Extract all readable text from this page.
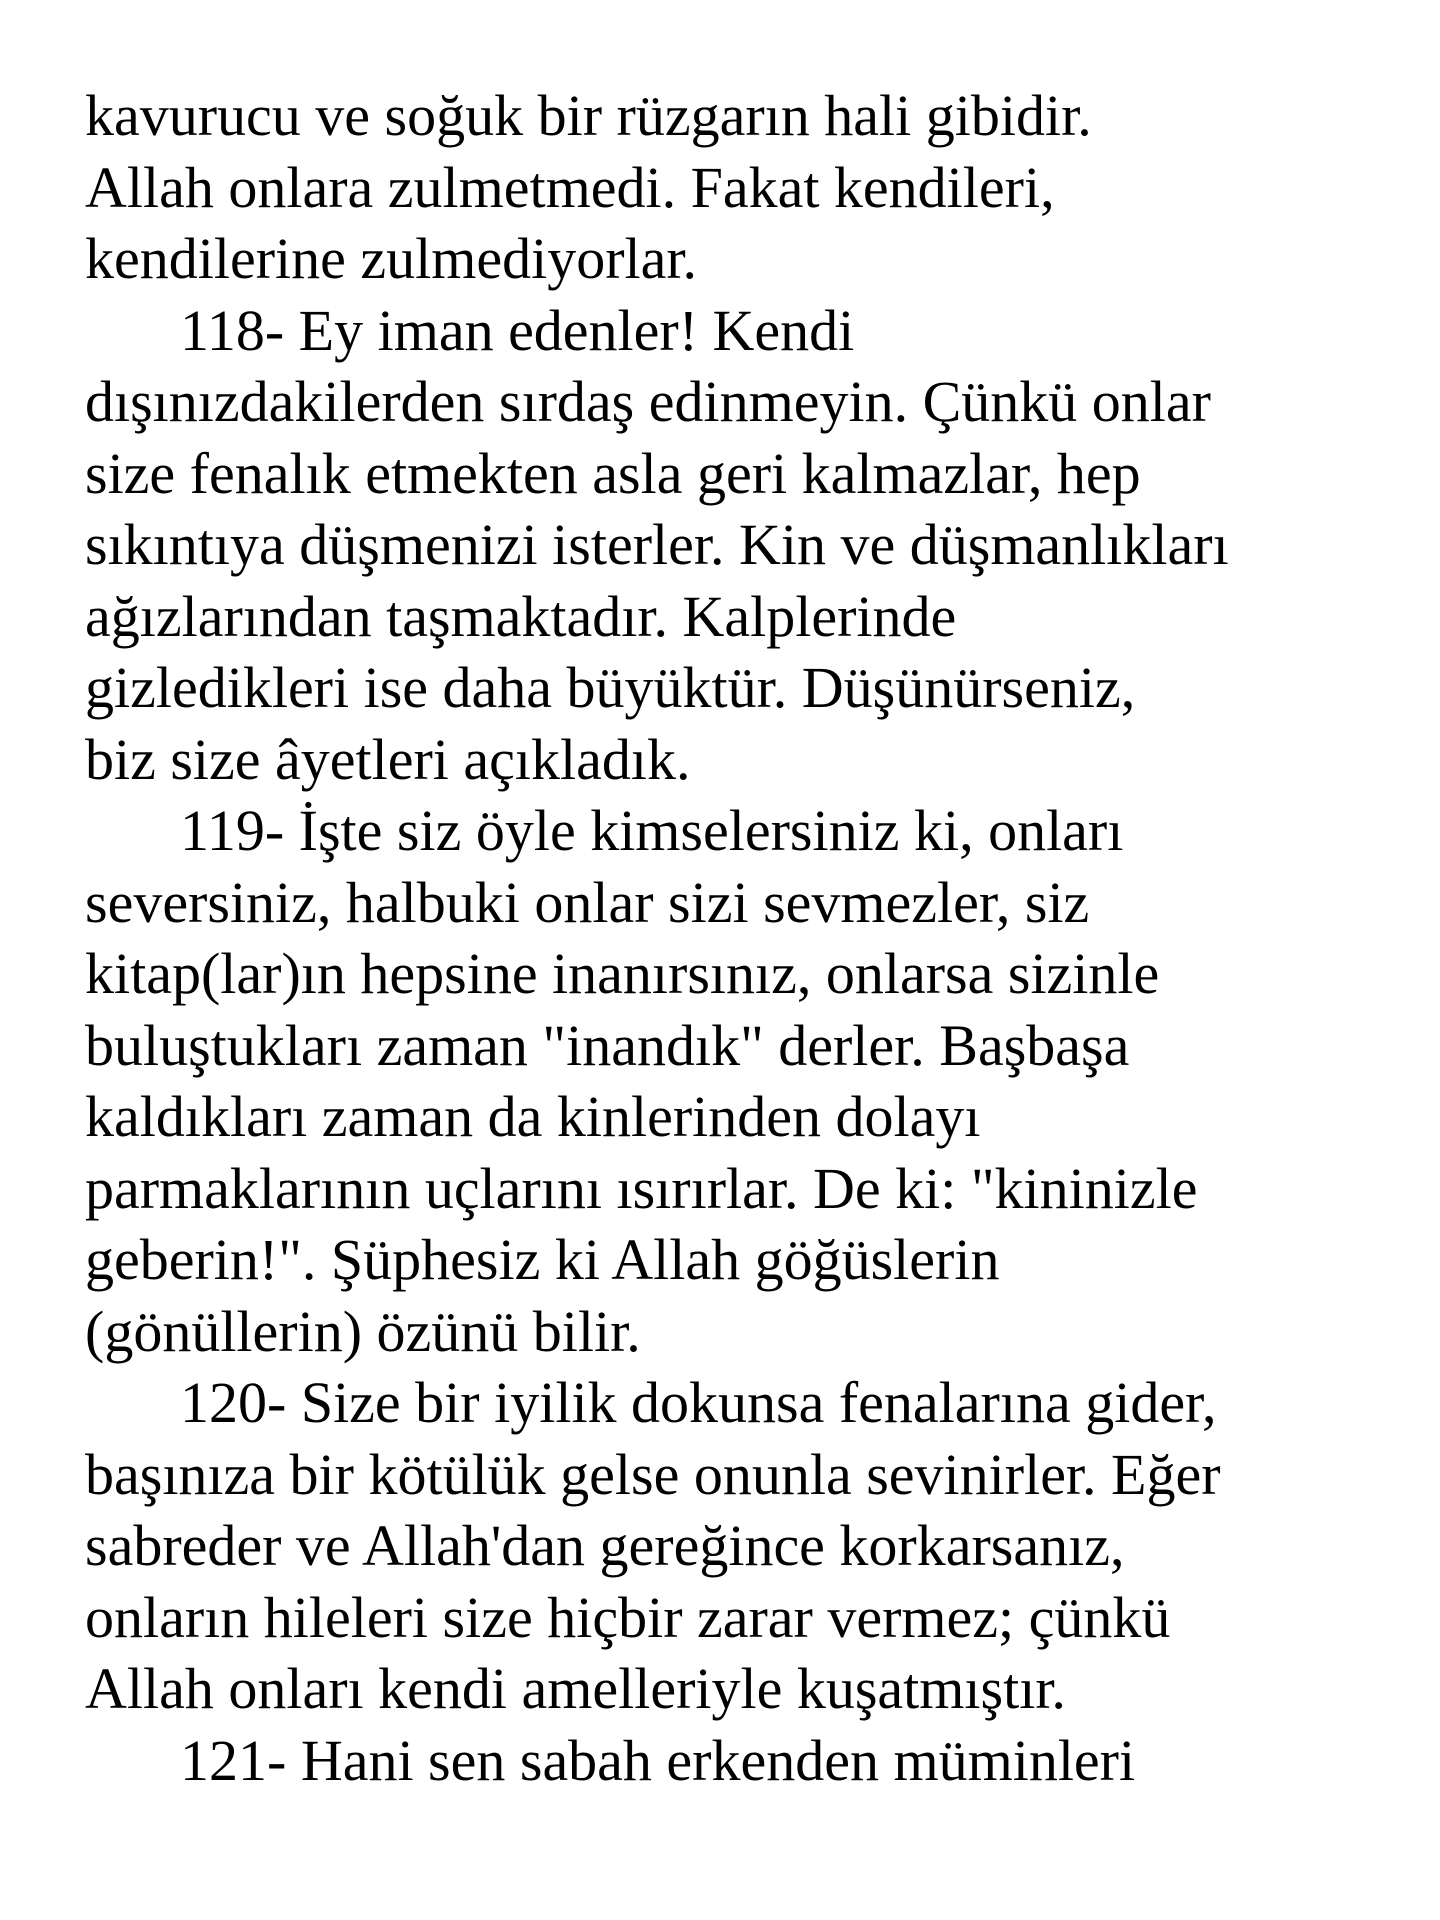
kavurucu ve soğuk bir rüzgarın hali gibidir.

Allah onlara zulmetmedi. Fakat kendileri,

kendilerine zulmediyorlar.

118- Ey iman edenler! Kendi

dışınızdakilerden sırdaş edinmeyin. Çünkü onlar

size fenalık etmekten asla geri kalmazlar, hep

sıkıntıya düşmenizi isterler. Kin ve düşmanlıkları

ağızlarından taşmaktadır. Kalplerinde

gizledikleri ise daha büyüktür. Düşünürseniz,

biz size âyetleri açıkladık.

119- İşte siz öyle kimselersiniz ki, onları

seversiniz, halbuki onlar sizi sevmezler, siz

kitap(lar)ın hepsine inanırsınız, onlarsa sizinle

buluştukları zaman "inandık" derler. Başbaşa

kaldıkları zaman da kinlerinden dolayı

parmaklarının uçlarını ısırırlar. De ki: "kininizle

geberin!". Şüphesiz ki Allah göğüslerin

(gönüllerin) özünü bilir.

120- Size bir iyilik dokunsa fenalarına gider,

başınıza bir kötülük gelse onunla sevinirler. Eğer

sabreder ve Allah'dan gereğince korkarsanız,

onların hileleri size hiçbir zarar vermez; çünkü

Allah onları kendi amelleriyle kuşatmıştır.

121- Hani sen sabah erkenden müminleri
